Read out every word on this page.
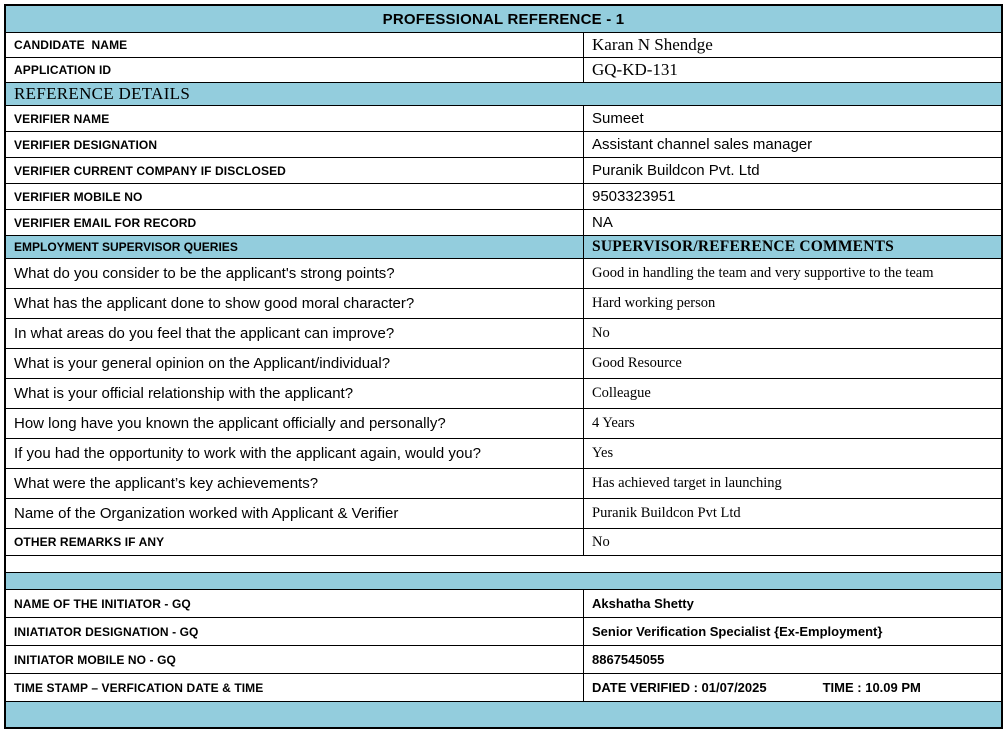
PROFESSIONAL REFERENCE - 1
CANDIDATE  NAME	Karan N Shendge
APPLICATION ID	GQ-KD-131
REFERENCE DETAILS
VERIFIER NAME	Sumeet
VERIFIER DESIGNATION	Assistant channel sales manager
VERIFIER CURRENT COMPANY IF DISCLOSED	Puranik Buildcon Pvt. Ltd
VERIFIER MOBILE NO	9503323951
VERIFIER EMAIL FOR RECORD	NA
EMPLOYMENT SUPERVISOR QUERIES	SUPERVISOR/REFERENCE COMMENTS
What do you consider to be the applicant's strong points?	Good in handling the team and very supportive to the team
What has the applicant done to show good moral character?	Hard working person
In what areas do you feel that the applicant can improve?	No
What is your general opinion on the Applicant/individual?	Good Resource
What is your official relationship with the applicant?	Colleague
How long have you known the applicant officially and personally?	4 Years
If you had the opportunity to work with the applicant again, would you?	Yes
What were the applicant’s key achievements?	Has achieved target in launching
Name of the Organization worked with Applicant & Verifier	Puranik Buildcon Pvt Ltd
OTHER REMARKS IF ANY	No
NAME OF THE INITIATOR - GQ	Akshatha Shetty
INIATIATOR DESIGNATION - GQ	Senior Verification Specialist {Ex-Employment}
INITIATOR MOBILE NO - GQ	8867545055
TIME STAMP – VERFICATION DATE & TIME	DATE VERIFIED : 01/07/2025	TIME : 10.09 PM
